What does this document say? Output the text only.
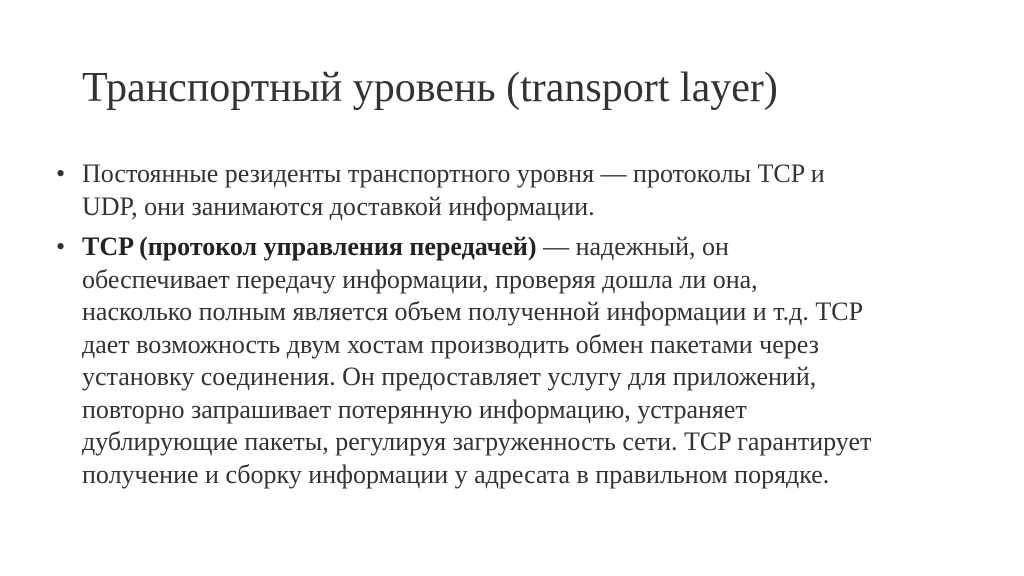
Транспортный уровень (transport layer)
• Постоянные резиденты транспортного уровня — протоколы TCP и
UDP, они занимаются доставкой информации.
• TCP (протокол управления передачей) — надежный, он
обеспечивает передачу информации, проверяя дошла ли она,
насколько полным является объем полученной информации и т.д. TCP
дает возможность двум хостам производить обмен пакетами через
установку соединения. Он предоставляет услугу для приложений,
повторно запрашивает потерянную информацию, устраняет
дублирующие пакеты, регулируя загруженность сети. TCP гарантирует
получение и сборку информации у адресата в правильном порядке.
